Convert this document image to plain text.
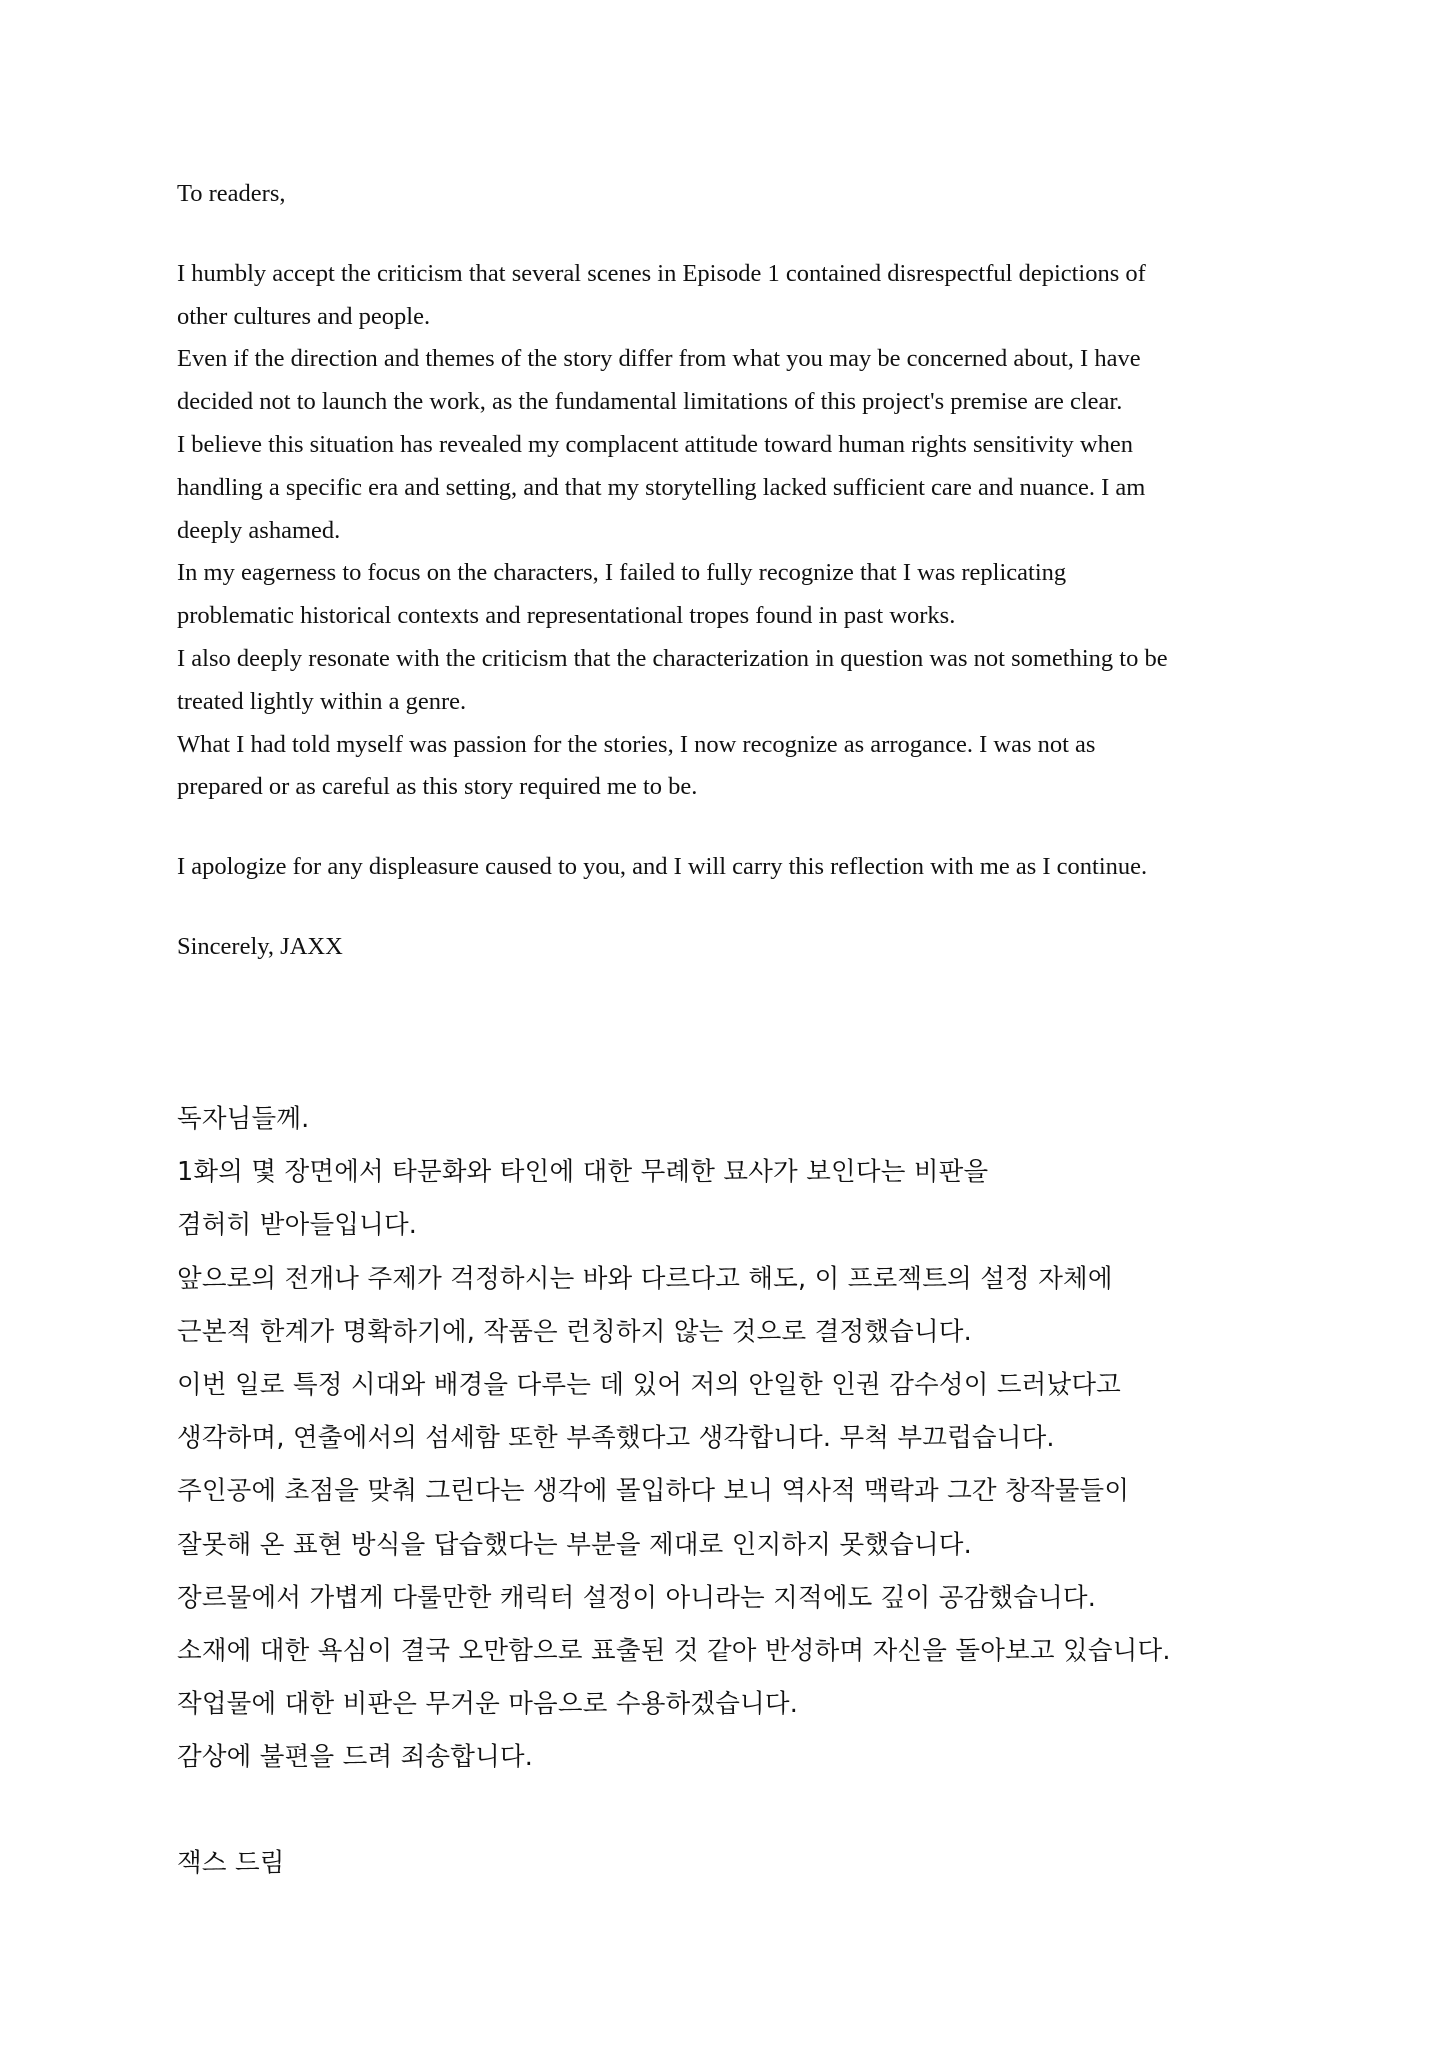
To readers,

I humbly accept the criticism that several scenes in Episode 1 contained disrespectful depictions of
other cultures and people.
Even if the direction and themes of the story differ from what you may be concerned about, I have
decided not to launch the work, as the fundamental limitations of this project's premise are clear.
I believe this situation has revealed my complacent attitude toward human rights sensitivity when
handling a specific era and setting, and that my storytelling lacked sufficient care and nuance. I am
deeply ashamed.
In my eagerness to focus on the characters, I failed to fully recognize that I was replicating
problematic historical contexts and representational tropes found in past works.
I also deeply resonate with the criticism that the characterization in question was not something to be
treated lightly within a genre.
What I had told myself was passion for the stories, I now recognize as arrogance. I was not as
prepared or as careful as this story required me to be.

I apologize for any displeasure caused to you, and I will carry this reflection with me as I continue.

Sincerely, JAXX

독자님들께.

1화의 몇 장면에서 타문화와 타인에 대한 무례한 묘사가 보인다는 비판을
겸허히 받아들입니다.
앞으로의 전개나 주제가 걱정하시는 바와 다르다고 해도, 이 프로젝트의 설정 자체에
근본적 한계가 명확하기에, 작품은 런칭하지 않는 것으로 결정했습니다.
이번 일로 특정 시대와 배경을 다루는 데 있어 저의 안일한 인권 감수성이 드러났다고
생각하며, 연출에서의 섬세함 또한 부족했다고 생각합니다. 무척 부끄럽습니다.
주인공에 초점을 맞춰 그린다는 생각에 몰입하다 보니 역사적 맥락과 그간 창작물들이
잘못해 온 표현 방식을 답습했다는 부분을 제대로 인지하지 못했습니다.
장르물에서 가볍게 다룰만한 캐릭터 설정이 아니라는 지적에도 깊이 공감했습니다.
소재에 대한 욕심이 결국 오만함으로 표출된 것 같아 반성하며 자신을 돌아보고 있습니다.
작업물에 대한 비판은 무거운 마음으로 수용하겠습니다.
감상에 불편을 드려 죄송합니다.

잭스 드림
